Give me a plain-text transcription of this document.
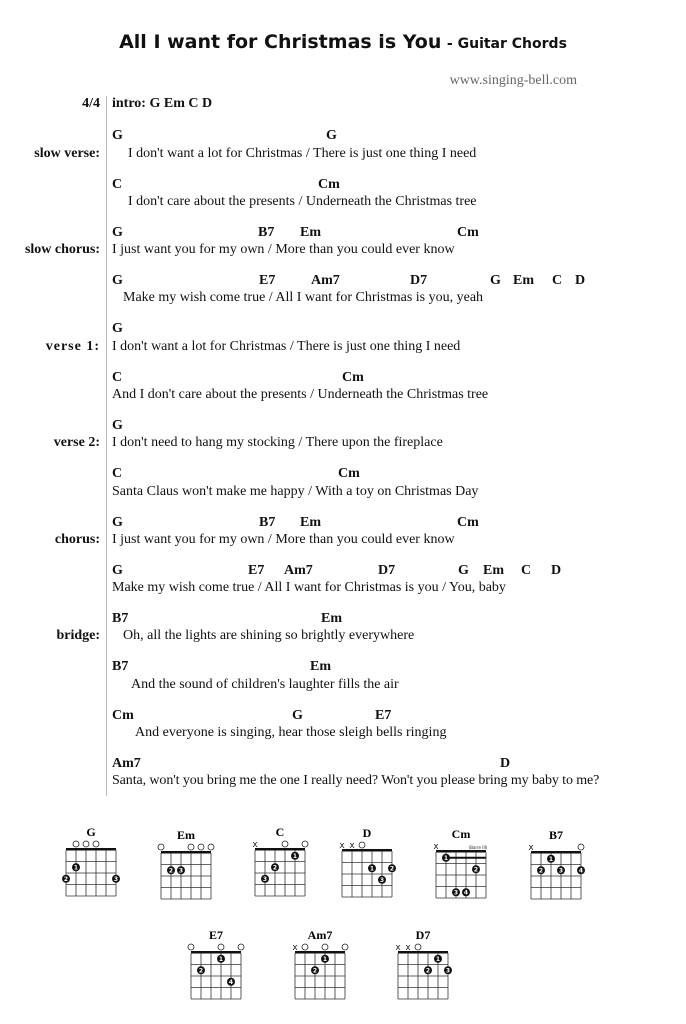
All I want for Christmas is You - Guitar Chords
www.singing-bell.com
4/4 intro: G Em C D
slow verse:
slow chorus:
verse 1:
verse 2:
chorus:
bridge:
G	G
I don't want a lot for Christmas / There is just one thing I need
C	Cm
I don't care about the presents / Underneath the Christmas tree
G	B7 Em	Cm
I just want you for my own / More than you could ever know
G	E7	Am7	D7	G Em C D
Make my wish come true / All I want for Christmas is you, yeah
G
I don't want a lot for Christmas / There is just one thing I need
C	Cm
And I don't care about the presents / Underneath the Christmas tree
G
I don't need to hang my stocking / There upon the fireplace
C	Cm
Santa Claus won't make me happy / With a toy on Christmas Day
G	B7 Em	Cm
I just want you for my own / More than you could ever know
G	E7 Am7	D7	G Em C D
Make my wish come true / All I want for Christmas is you / You, baby
B7	Em
Oh, all the lights are shining so brightly everywhere
B7	Em
And the sound of children's laughter fills the air
Cm	G	E7
And everyone is singing, hear those sleigh bells ringing
Am7	D
Santa, won't you bring me the one I really need? Won't you please bring my baby to me?
G
1
2	3
Em
2 3
C
x
1
2
3
D
x x
1	2
3
Cm
(Barre III)
x
1
2
3 4
B7
x
1
2	3	4
E7
1
2
4
Am7
x
1
2
D7
x x
1
2	3
